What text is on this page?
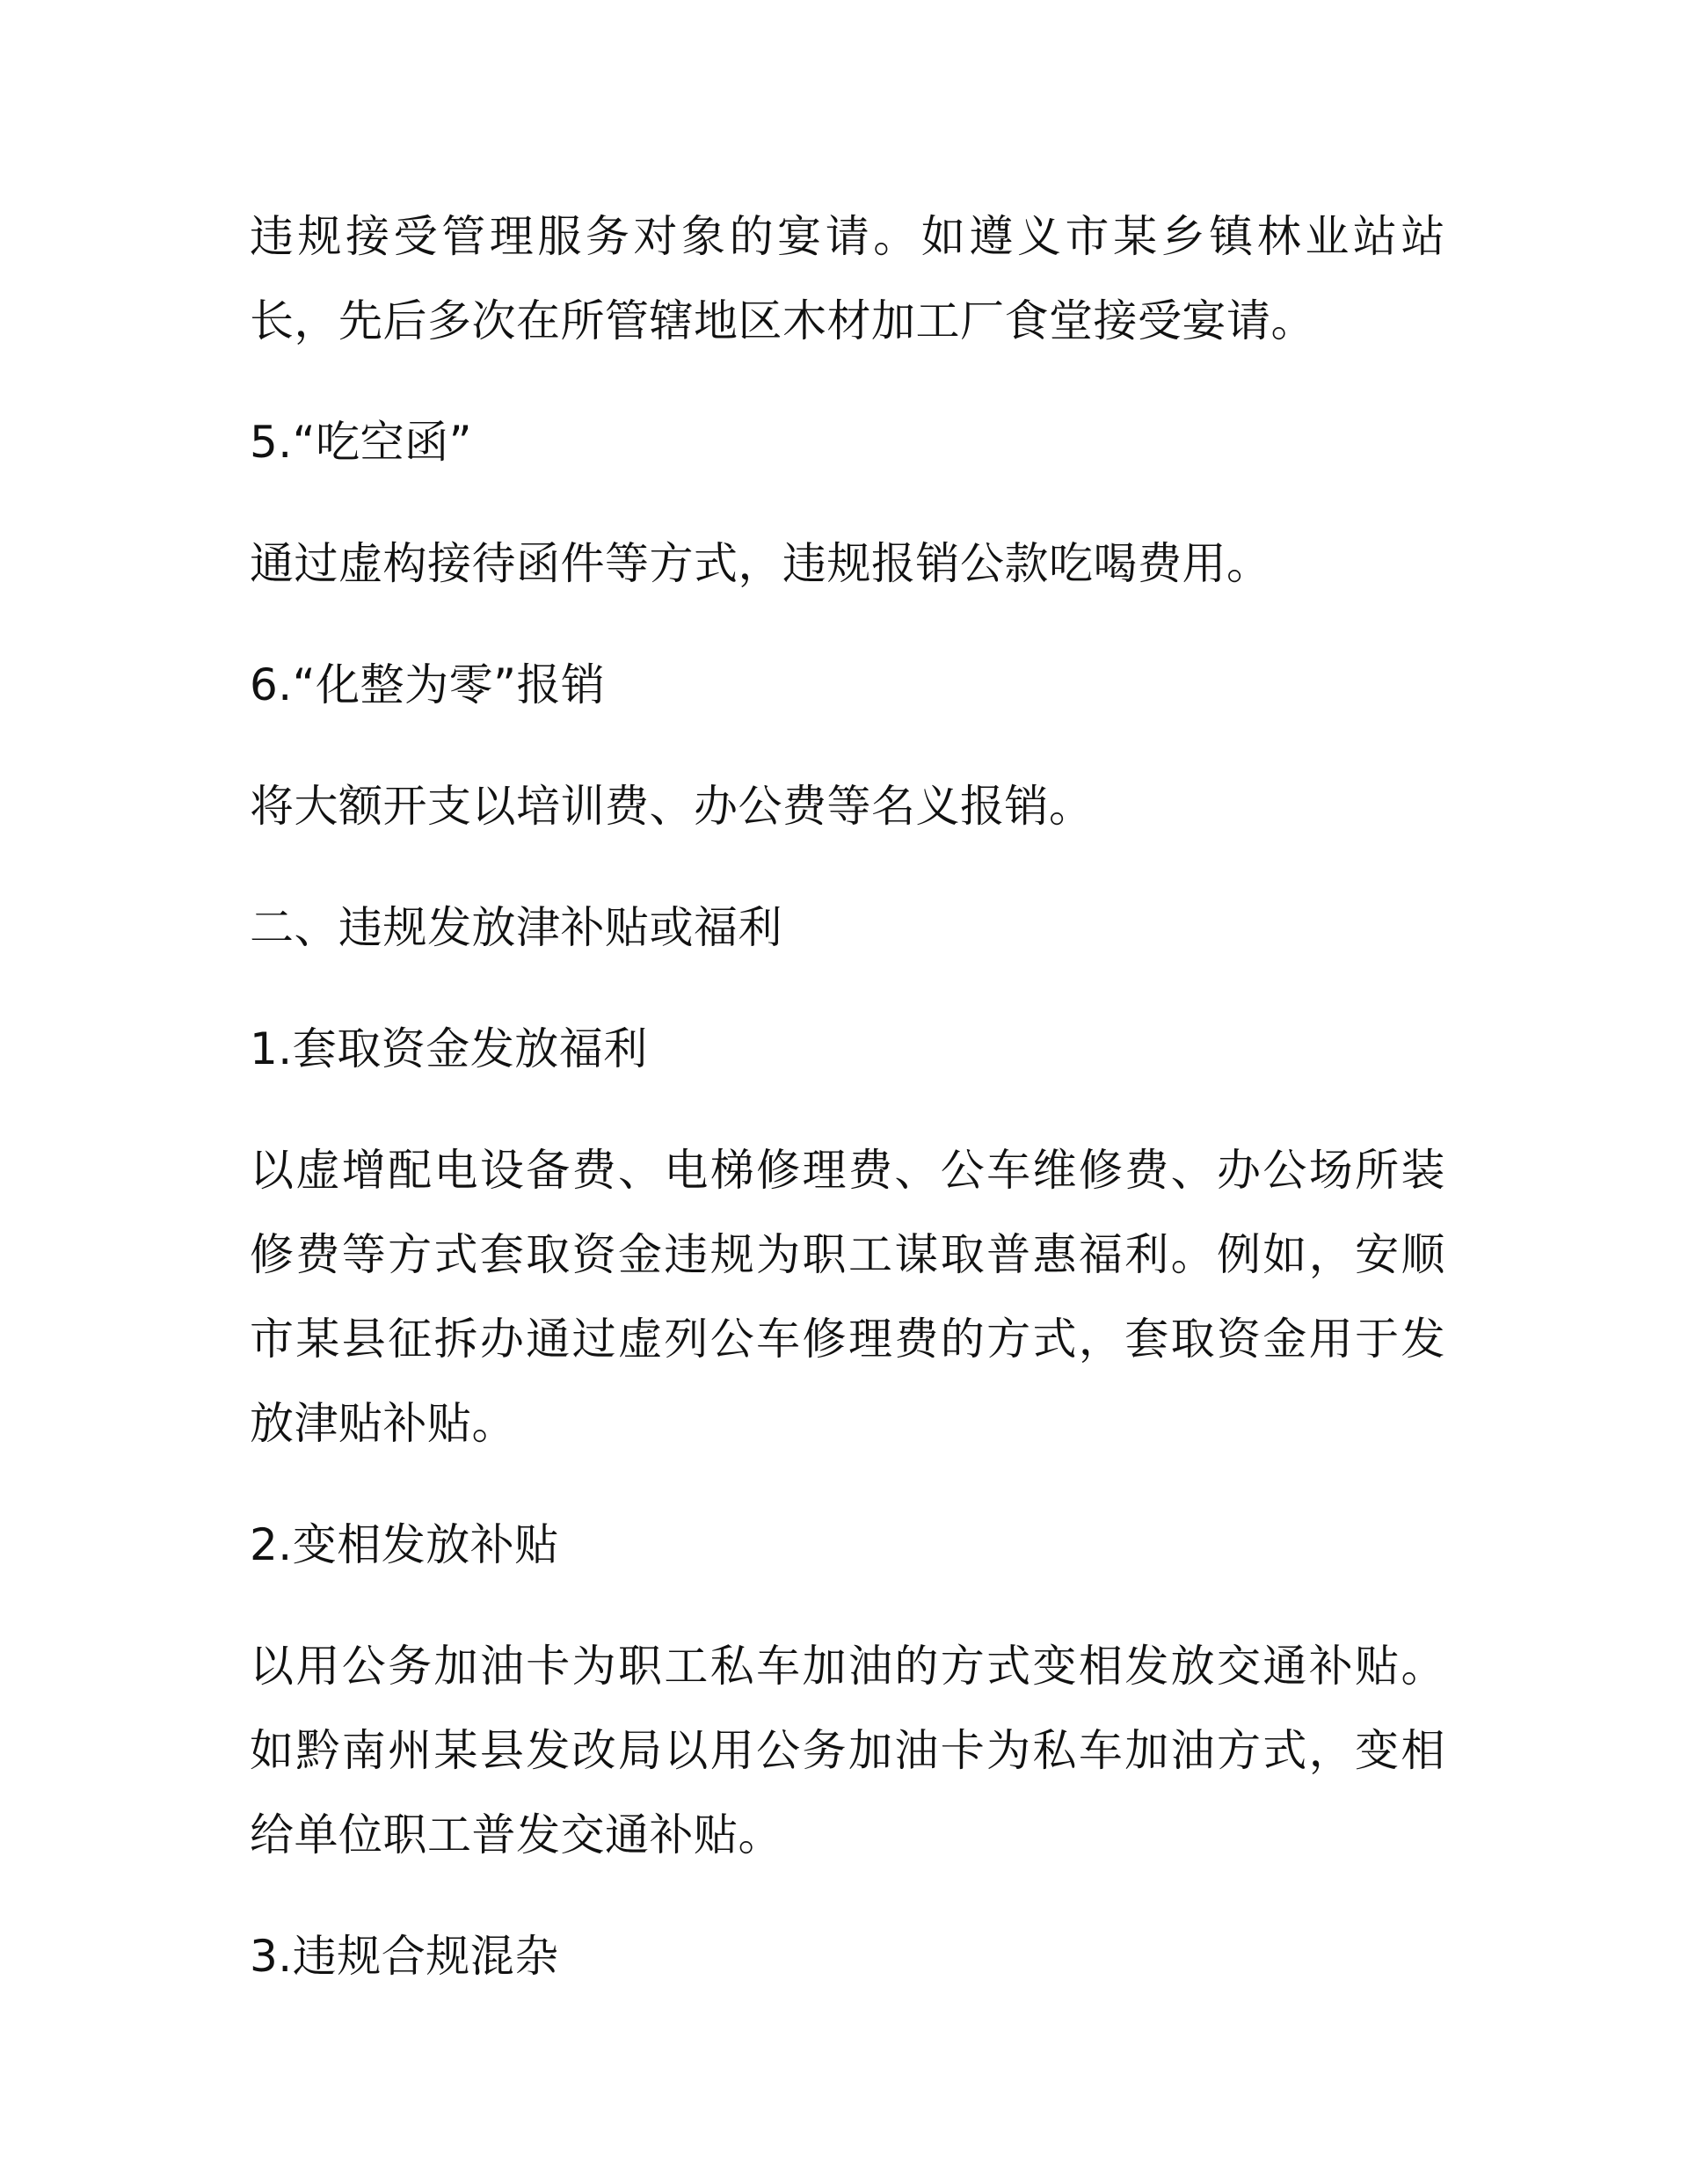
违规接受管理服务对象的宴请。如遵义市某乡镇林业站站长，先后多次在所管辖地区木材加工厂食堂接受宴请。

5.“吃空函”

通过虚构接待函件等方式，违规报销公款吃喝费用。

6.“化整为零”报销

将大额开支以培训费、办公费等名义报销。

二、违规发放津补贴或福利

1.套取资金发放福利

以虚增配电设备费、电梯修理费、公车维修费、办公场所装修费等方式套取资金违规为职工谋取普惠福利。例如，安顺市某县征拆办通过虚列公车修理费的方式，套取资金用于发放津贴补贴。

2.变相发放补贴

以用公务加油卡为职工私车加油的方式变相发放交通补贴。如黔南州某县发改局以用公务加油卡为私车加油方式，变相给单位职工普发交通补贴。

3.违规合规混杂
